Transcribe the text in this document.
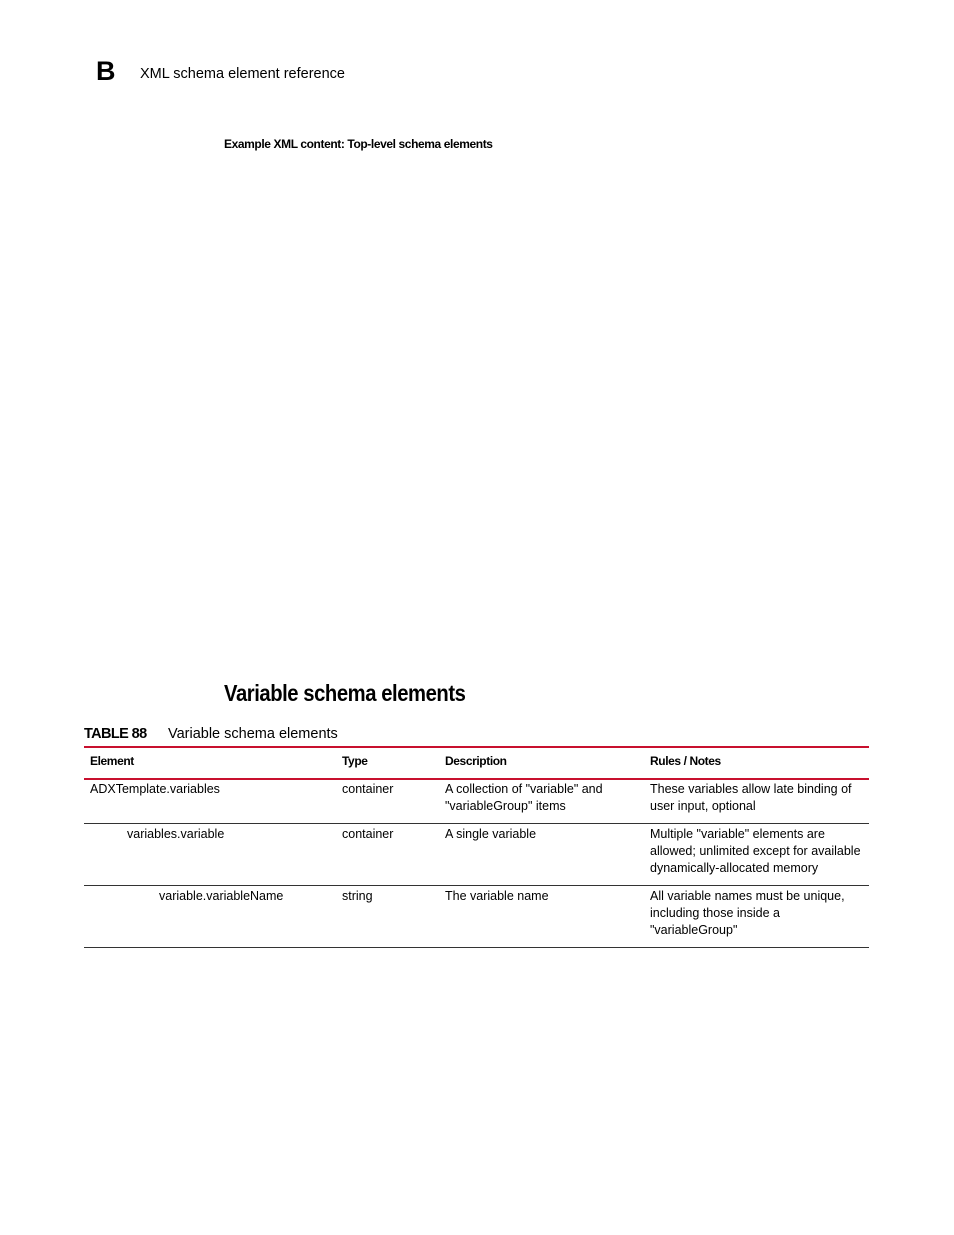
B XML schema element reference
Example XML content: Top-level schema elements
Variable schema elements
TABLE 88 Variable schema elements
Element	Type	Description	Rules / Notes
ADXTemplate.variables	container	A collection of "variable" and "variableGroup" items	These variables allow late binding of user input, optional
variables.variable	container	A single variable	Multiple "variable" elements are allowed; unlimited except for available dynamically-allocated memory
variable.variableName	string	The variable name	All variable names must be unique, including those inside a "variableGroup"
